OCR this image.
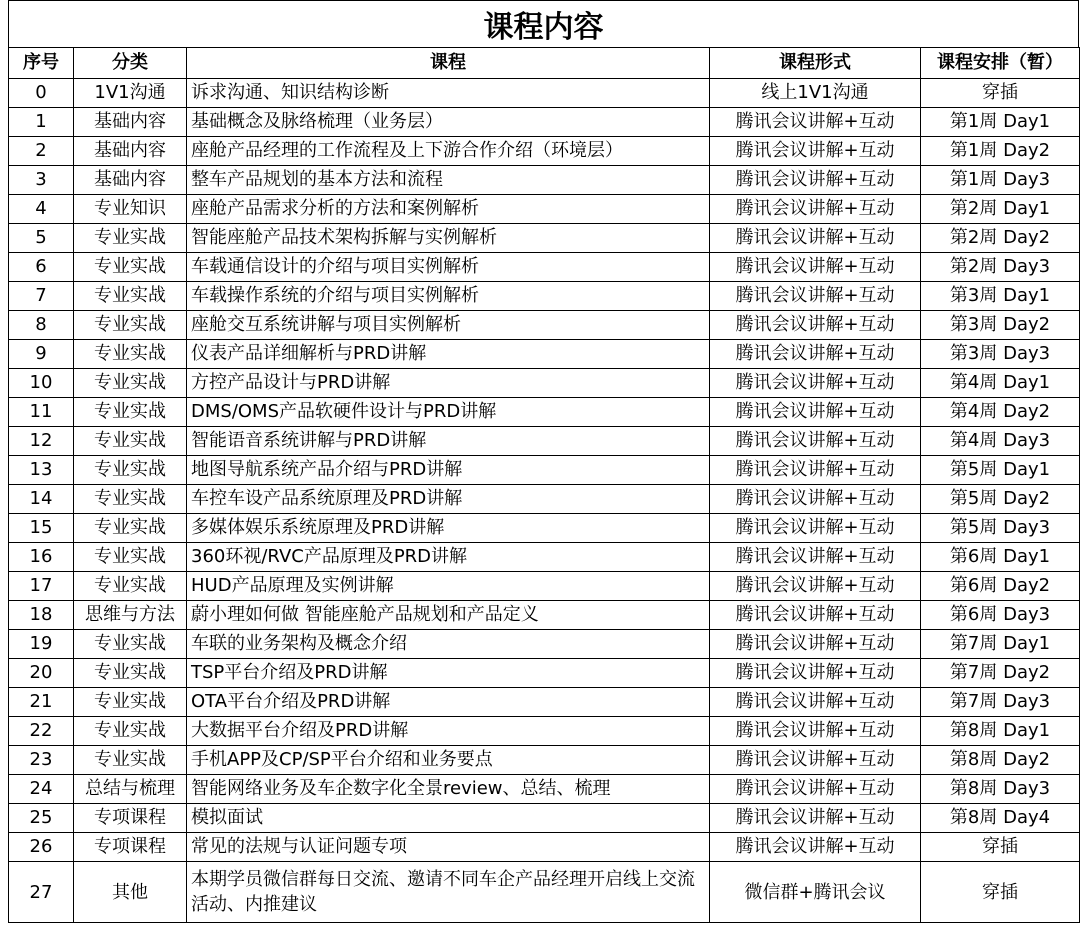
课程内容
序号	分类	课程	课程形式	课程安排（暂）
0	1V1沟通	诉求沟通、知识结构诊断	线上1V1沟通	穿插
1	基础内容	基础概念及脉络梳理（业务层）	腾讯会议讲解+互动	第1周 Day1
2	基础内容	座舱产品经理的工作流程及上下游合作介绍（环境层）	腾讯会议讲解+互动	第1周 Day2
3	基础内容	整车产品规划的基本方法和流程	腾讯会议讲解+互动	第1周 Day3
4	专业知识	座舱产品需求分析的方法和案例解析	腾讯会议讲解+互动	第2周 Day1
5	专业实战	智能座舱产品技术架构拆解与实例解析	腾讯会议讲解+互动	第2周 Day2
6	专业实战	车载通信设计的介绍与项目实例解析	腾讯会议讲解+互动	第2周 Day3
7	专业实战	车载操作系统的介绍与项目实例解析	腾讯会议讲解+互动	第3周 Day1
8	专业实战	座舱交互系统讲解与项目实例解析	腾讯会议讲解+互动	第3周 Day2
9	专业实战	仪表产品详细解析与PRD讲解	腾讯会议讲解+互动	第3周 Day3
10	专业实战	方控产品设计与PRD讲解	腾讯会议讲解+互动	第4周 Day1
11	专业实战	DMS/OMS产品软硬件设计与PRD讲解	腾讯会议讲解+互动	第4周 Day2
12	专业实战	智能语音系统讲解与PRD讲解	腾讯会议讲解+互动	第4周 Day3
13	专业实战	地图导航系统产品介绍与PRD讲解	腾讯会议讲解+互动	第5周 Day1
14	专业实战	车控车设产品系统原理及PRD讲解	腾讯会议讲解+互动	第5周 Day2
15	专业实战	多媒体娱乐系统原理及PRD讲解	腾讯会议讲解+互动	第5周 Day3
16	专业实战	360环视/RVC产品原理及PRD讲解	腾讯会议讲解+互动	第6周 Day1
17	专业实战	HUD产品原理及实例讲解	腾讯会议讲解+互动	第6周 Day2
18	思维与方法	蔚小理如何做 智能座舱产品规划和产品定义	腾讯会议讲解+互动	第6周 Day3
19	专业实战	车联的业务架构及概念介绍	腾讯会议讲解+互动	第7周 Day1
20	专业实战	TSP平台介绍及PRD讲解	腾讯会议讲解+互动	第7周 Day2
21	专业实战	OTA平台介绍及PRD讲解	腾讯会议讲解+互动	第7周 Day3
22	专业实战	大数据平台介绍及PRD讲解	腾讯会议讲解+互动	第8周 Day1
23	专业实战	手机APP及CP/SP平台介绍和业务要点	腾讯会议讲解+互动	第8周 Day2
24	总结与梳理	智能网络业务及车企数字化全景review、总结、梳理	腾讯会议讲解+互动	第8周 Day3
25	专项课程	模拟面试	腾讯会议讲解+互动	第8周 Day4
26	专项课程	常见的法规与认证问题专项	腾讯会议讲解+互动	穿插
27	其他	本期学员微信群每日交流、邀请不同车企产品经理开启线上交流活动、内推建议	微信群+腾讯会议	穿插
